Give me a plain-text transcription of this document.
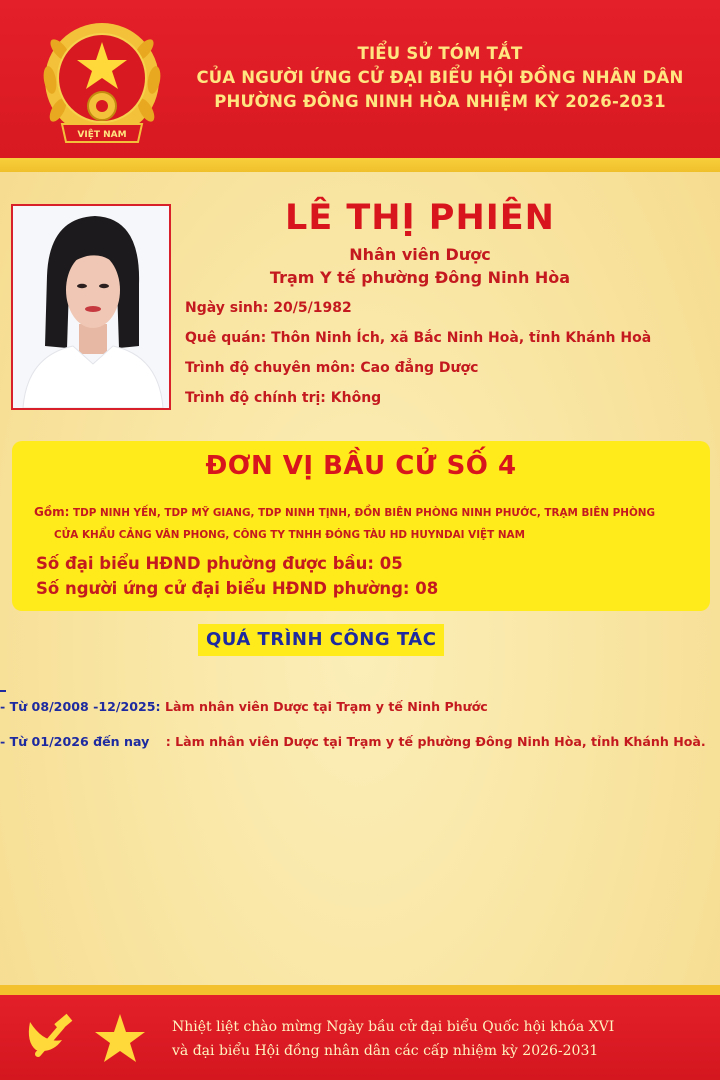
VIỆT NAM
TIỂU SỬ TÓM TẮT
CỦA NGƯỜI ỨNG CỬ ĐẠI BIỂU HỘI ĐỒNG NHÂN DÂN
PHƯỜNG ĐÔNG NINH HÒA NHIỆM KỲ 2026-2031
LÊ THỊ PHIÊN
Nhân viên Dược
Trạm Y tế phường Đông Ninh Hòa
Ngày sinh: 20/5/1982
Quê quán: Thôn Ninh Ích, xã Bắc Ninh Hoà, tỉnh Khánh Hoà
Trình độ chuyên môn: Cao đẳng Dược
Trình độ chính trị: Không
ĐƠN VỊ BẦU CỬ SỐ 4
Gồm: TDP NINH YẾN, TDP MỸ GIANG, TDP NINH TỊNH, ĐỒN BIÊN PHÒNG NINH PHƯỚC, TRẠM BIÊN PHÒNG
CỬA KHẨU CẢNG VÂN PHONG, CÔNG TY TNHH ĐÓNG TÀU HD HUYNDAI VIỆT NAM
Số đại biểu HĐND phường được bầu: 05
Số người ứng cử đại biểu HĐND phường: 08
QUÁ TRÌNH CÔNG TÁC
- Từ 08/2008 -12/2025: Làm nhân viên Dược tại Trạm y tế Ninh Phước
- Từ 01/2026 đến nay : Làm nhân viên Dược tại Trạm y tế phường Đông Ninh Hòa, tỉnh Khánh Hoà.
Nhiệt liệt chào mừng Ngày bầu cử đại biểu Quốc hội khóa XVI
và đại biểu Hội đồng nhân dân các cấp nhiệm kỳ 2026-2031
